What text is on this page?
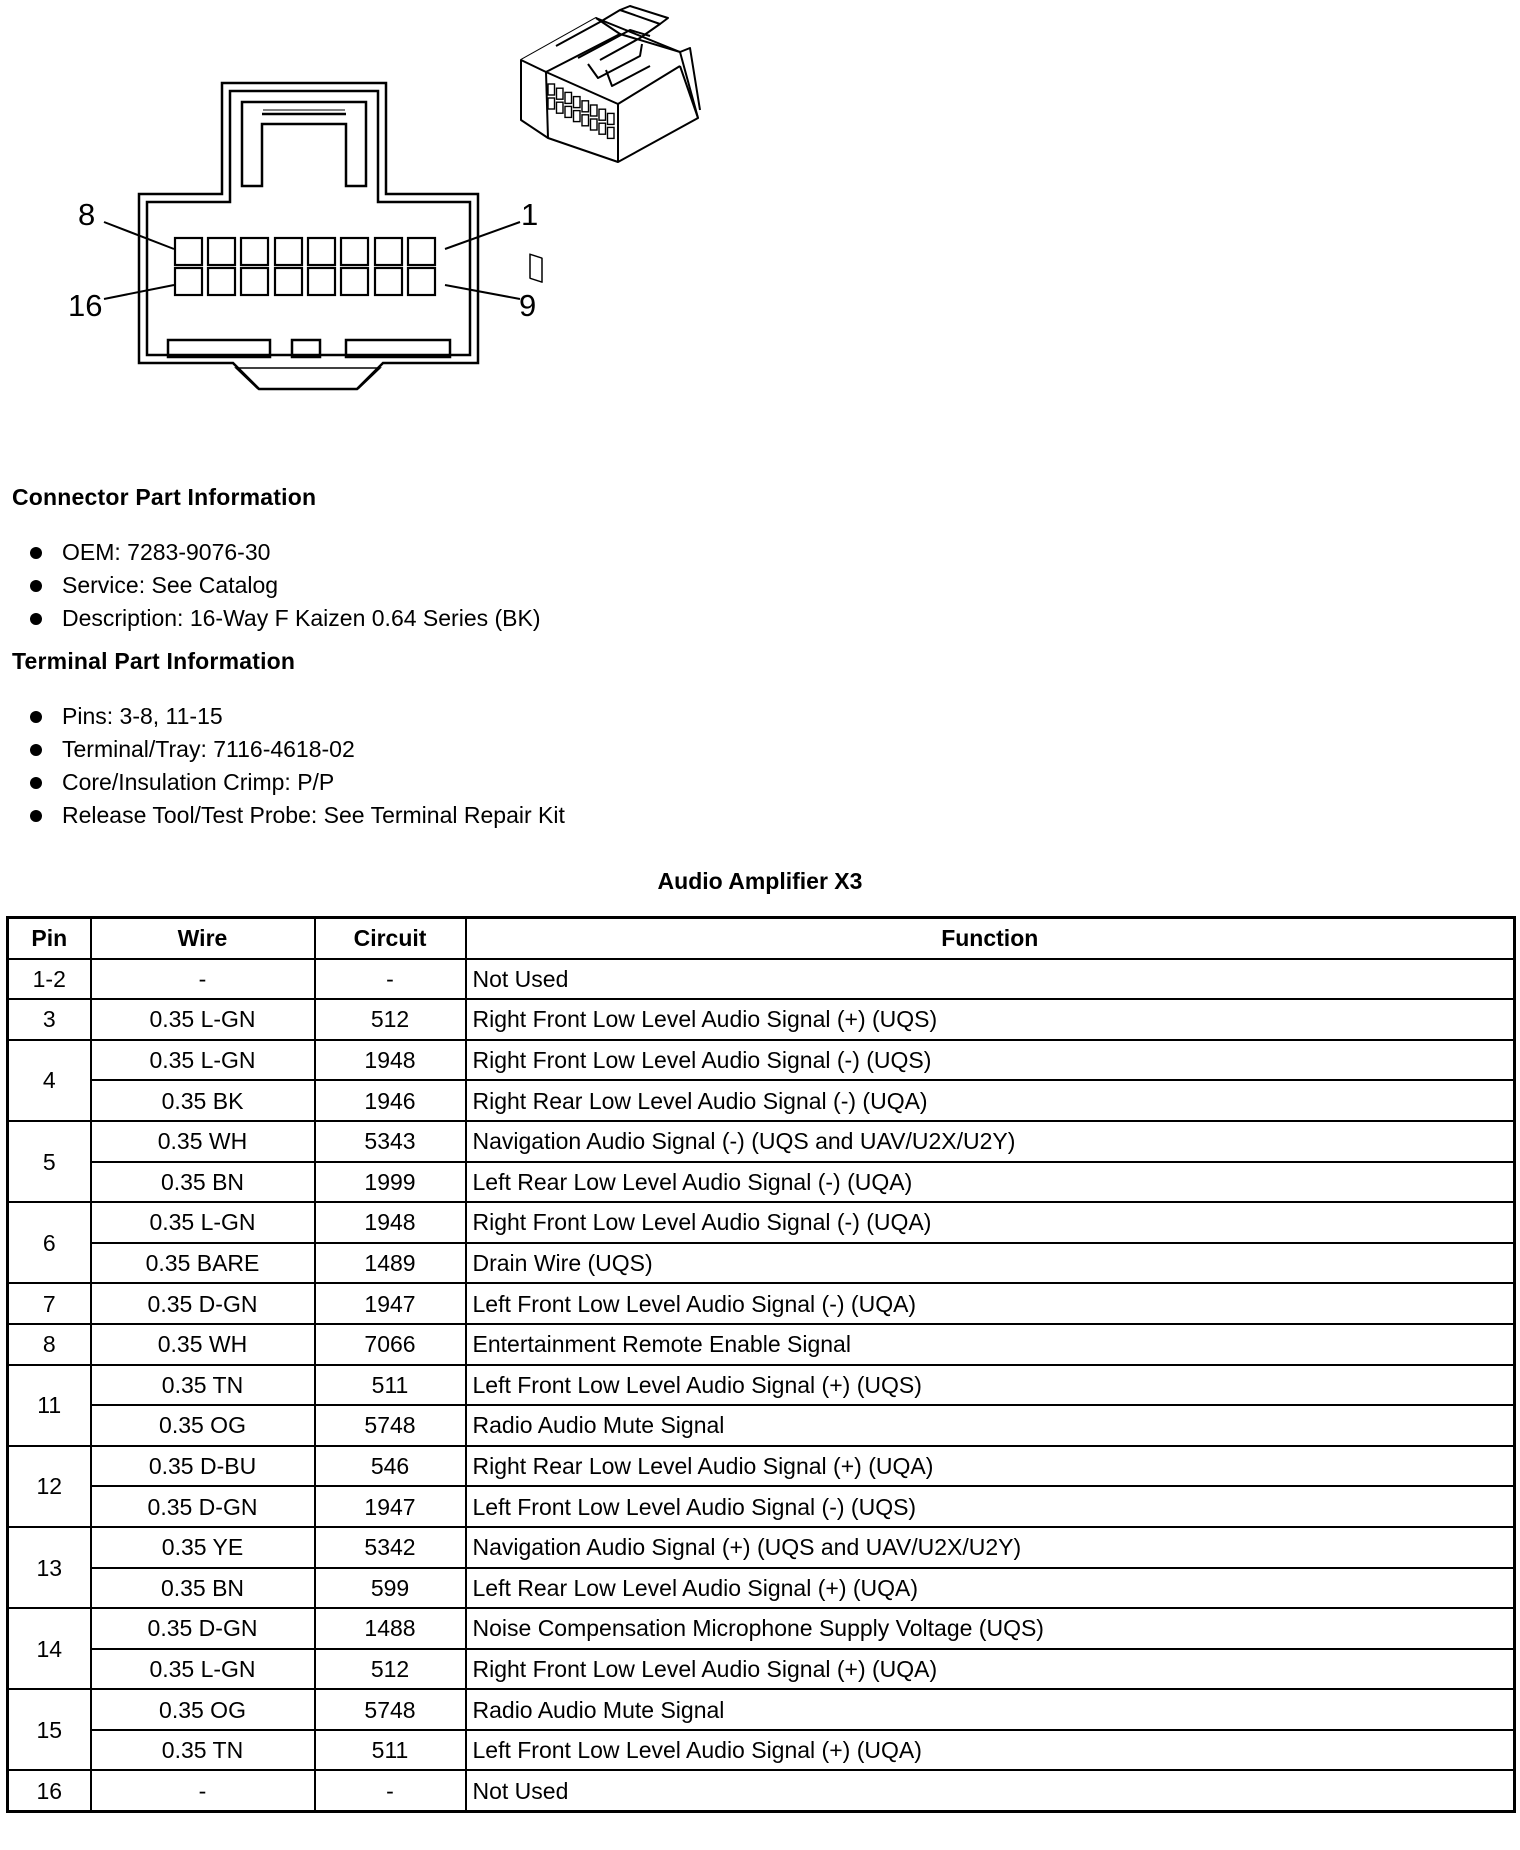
8	1
16	9
Connector Part Information
OEM: 7283-9076-30
Service: See Catalog
Description: 16-Way F Kaizen 0.64 Series (BK)
Terminal Part Information
Pins: 3-8, 11-15
Terminal/Tray: 7116-4618-02
Core/Insulation Crimp: P/P
Release Tool/Test Probe: See Terminal Repair Kit
Audio Amplifier X3
Pin	Wire	Circuit	Function
1-2	-	-	Not Used
3	0.35 L-GN	512	Right Front Low Level Audio Signal (+) (UQS)
4	0.35 L-GN	1948	Right Front Low Level Audio Signal (-) (UQS)
	0.35 BK	1946	Right Rear Low Level Audio Signal (-) (UQA)
5	0.35 WH	5343	Navigation Audio Signal (-) (UQS and UAV/U2X/U2Y)
	0.35 BN	1999	Left Rear Low Level Audio Signal (-) (UQA)
6	0.35 L-GN	1948	Right Front Low Level Audio Signal (-) (UQA)
	0.35 BARE	1489	Drain Wire (UQS)
7	0.35 D-GN	1947	Left Front Low Level Audio Signal (-) (UQA)
8	0.35 WH	7066	Entertainment Remote Enable Signal
11	0.35 TN	511	Left Front Low Level Audio Signal (+) (UQS)
	0.35 OG	5748	Radio Audio Mute Signal
12	0.35 D-BU	546	Right Rear Low Level Audio Signal (+) (UQA)
	0.35 D-GN	1947	Left Front Low Level Audio Signal (-) (UQS)
13	0.35 YE	5342	Navigation Audio Signal (+) (UQS and UAV/U2X/U2Y)
	0.35 BN	599	Left Rear Low Level Audio Signal (+) (UQA)
14	0.35 D-GN	1488	Noise Compensation Microphone Supply Voltage (UQS)
	0.35 L-GN	512	Right Front Low Level Audio Signal (+) (UQA)
15	0.35 OG	5748	Radio Audio Mute Signal
	0.35 TN	511	Left Front Low Level Audio Signal (+) (UQA)
16	-	-	Not Used
